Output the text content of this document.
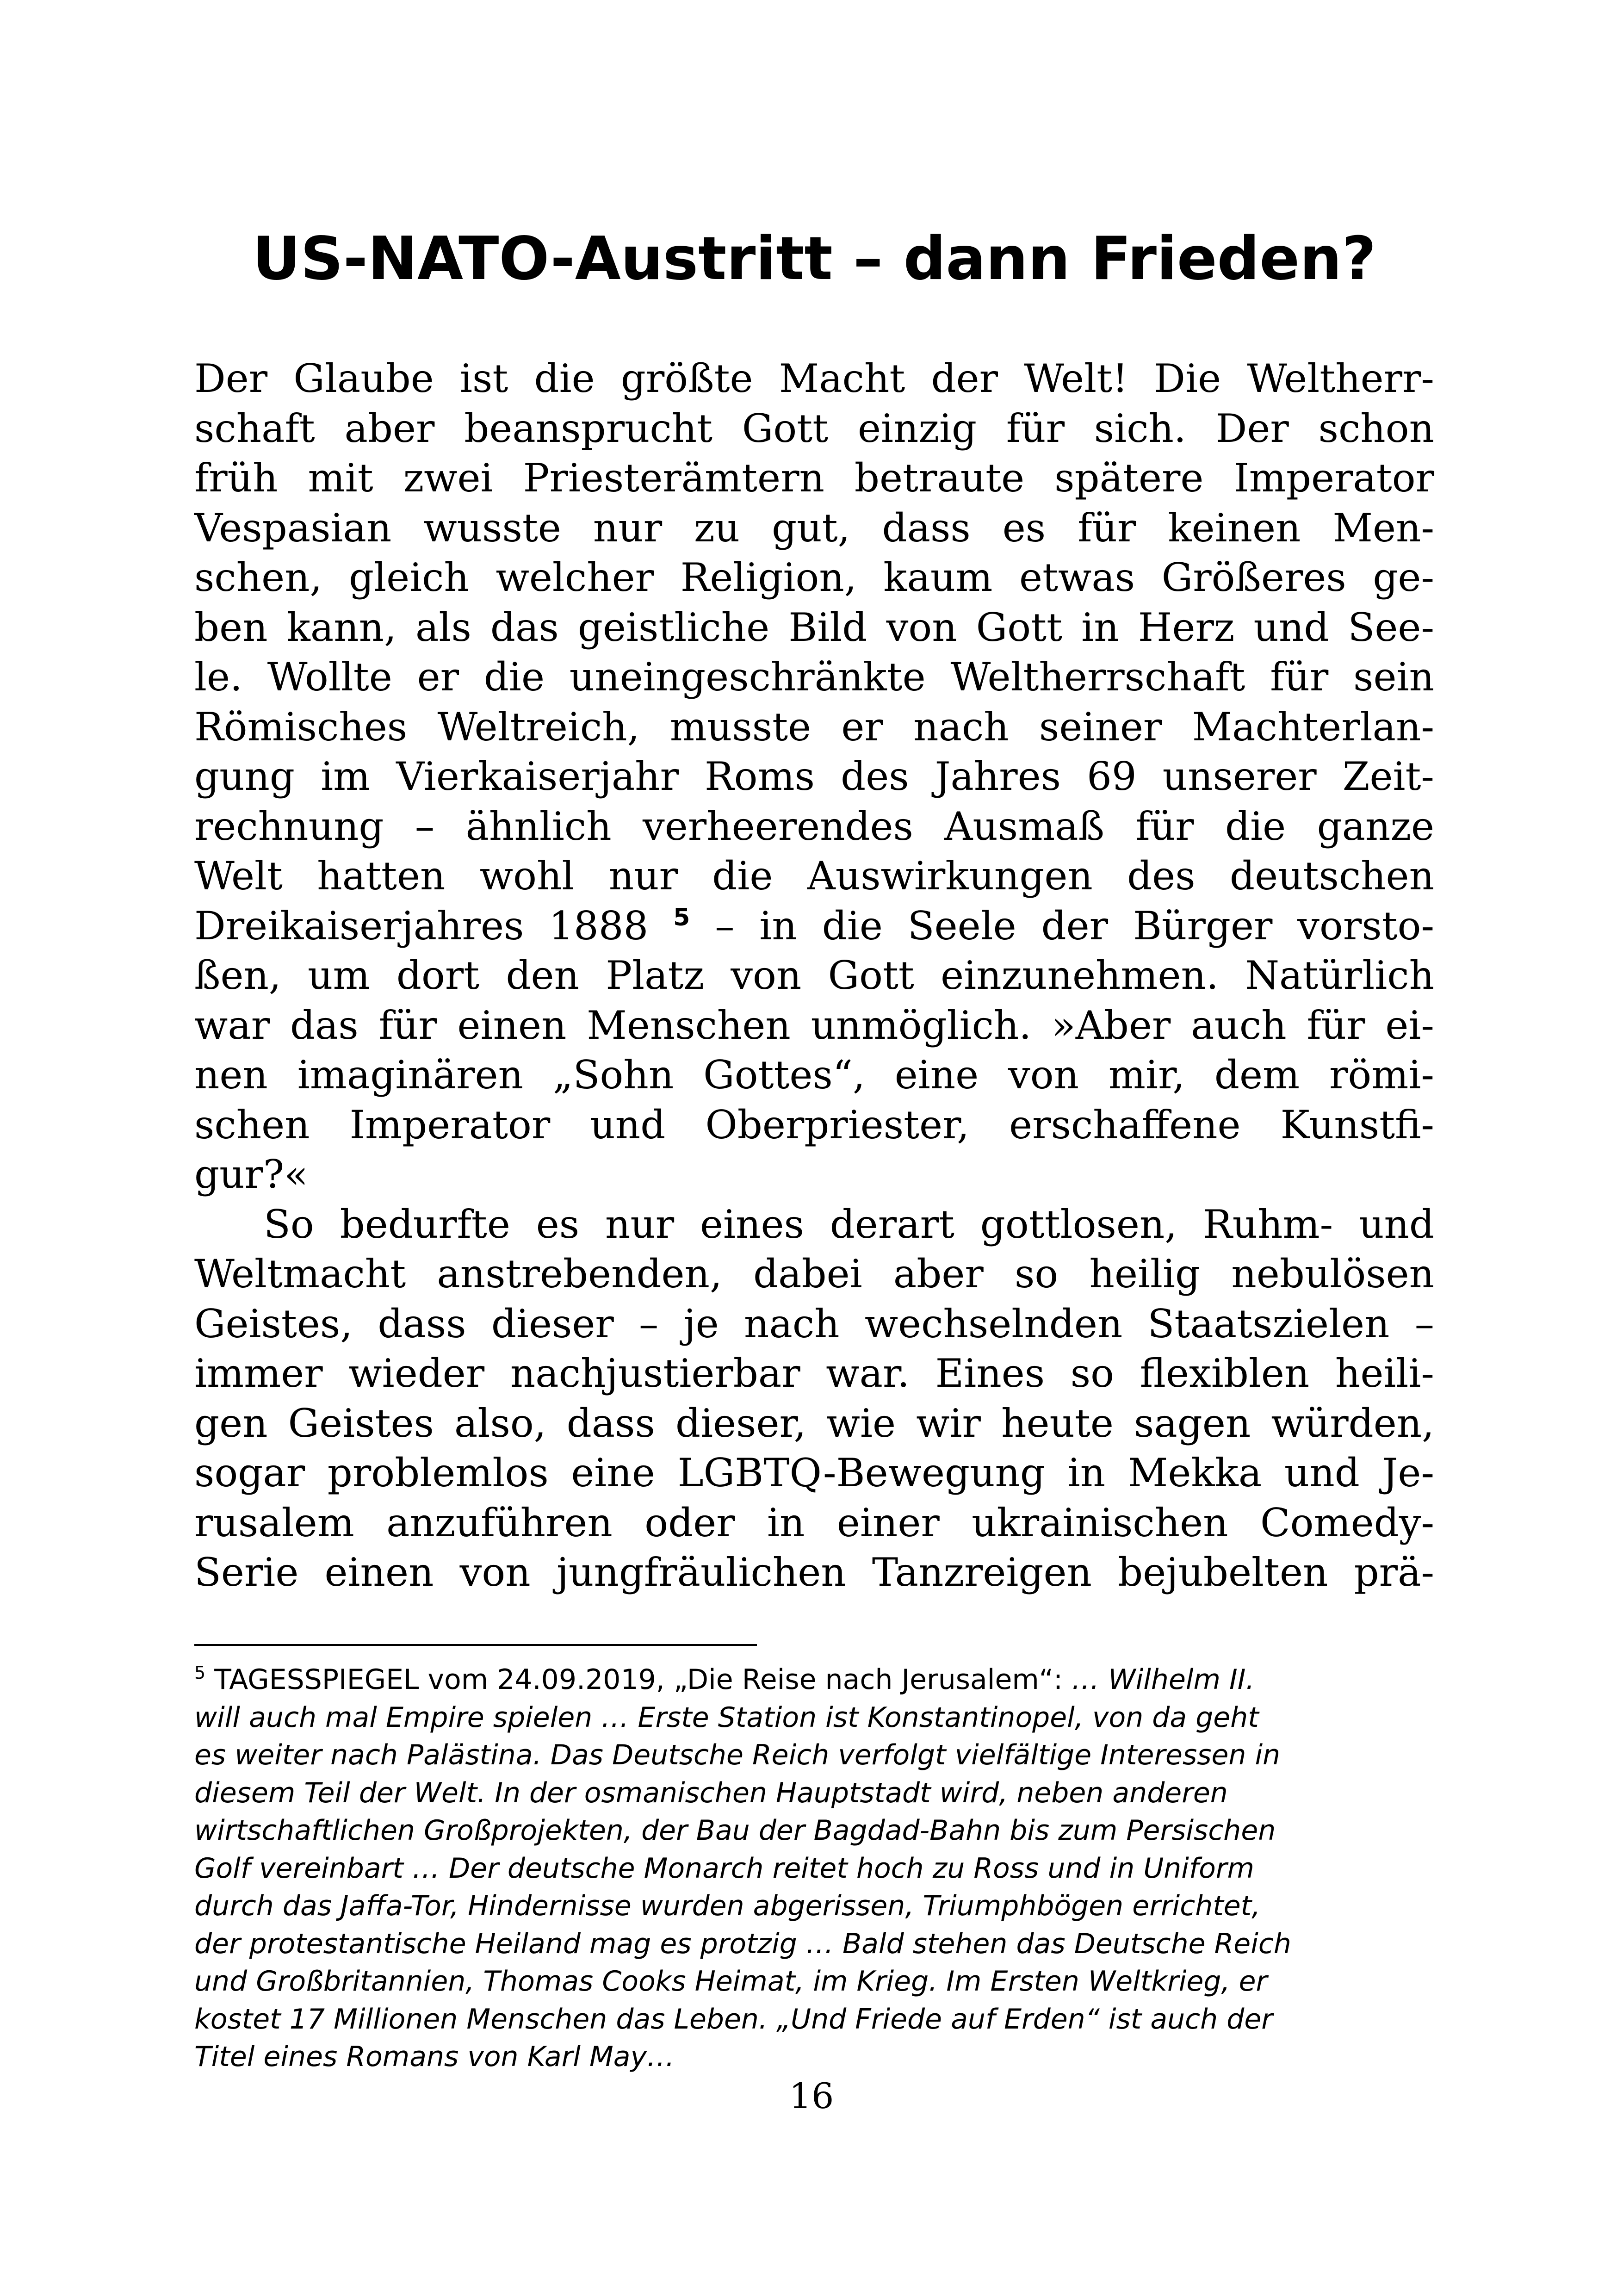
US-NATO-Austritt – dann Frieden?
Der Glaube ist die größte Macht der Welt! Die Weltherr-
schaft aber beansprucht Gott einzig für sich. Der schon
früh mit zwei Priesterämtern betraute spätere Imperator
Vespasian wusste nur zu gut, dass es für keinen Men-
schen, gleich welcher Religion, kaum etwas Größeres ge-
ben kann, als das geistliche Bild von Gott in Herz und See-
le. Wollte er die uneingeschränkte Weltherrschaft für sein
Römisches Weltreich, musste er nach seiner Machterlan-
gung im Vierkaiserjahr Roms des Jahres 69 unserer Zeit-
rechnung – ähnlich verheerendes Ausmaß für die ganze
Welt hatten wohl nur die Auswirkungen des deutschen
Dreikaiserjahres 1888 $^5$ – in die Seele der Bürger vorsto-
ßen, um dort den Platz von Gott einzunehmen. Natürlich
war das für einen Menschen unmöglich. »Aber auch für ei-
nen imaginären „Sohn Gottes“, eine von mir, dem römi-
schen Imperator und Oberpriester, erschaffene Kunstfi-
gur?«
So bedurfte es nur eines derart gottlosen, Ruhm- und
Weltmacht anstrebenden, dabei aber so heilig nebulösen
Geistes, dass dieser – je nach wechselnden Staatszielen –
immer wieder nachjustierbar war. Eines so flexiblen heili-
gen Geistes also, dass dieser, wie wir heute sagen würden,
sogar problemlos eine LGBTQ-Bewegung in Mekka und Je-
rusalem anzuführen oder in einer ukrainischen Comedy-
Serie einen von jungfräulichen Tanzreigen bejubelten prä-
$^5$ TAGESSPIEGEL vom 24.09.2019, „Die Reise nach Jerusalem“: … Wilhelm II.
will auch mal Empire spielen … Erste Station ist Konstantinopel, von da geht
es weiter nach Palästina. Das Deutsche Reich verfolgt vielfältige Interessen in
diesem Teil der Welt. In der osmanischen Hauptstadt wird, neben anderen
wirtschaftlichen Großprojekten, der Bau der Bagdad-Bahn bis zum Persischen
Golf vereinbart … Der deutsche Monarch reitet hoch zu Ross und in Uniform
durch das Jaffa-Tor, Hindernisse wurden abgerissen, Triumphbögen errichtet,
der protestantische Heiland mag es protzig … Bald stehen das Deutsche Reich
und Großbritannien, Thomas Cooks Heimat, im Krieg. Im Ersten Weltkrieg, er
kostet 17 Millionen Menschen das Leben. „Und Friede auf Erden“ ist auch der
Titel eines Romans von Karl May…
16
